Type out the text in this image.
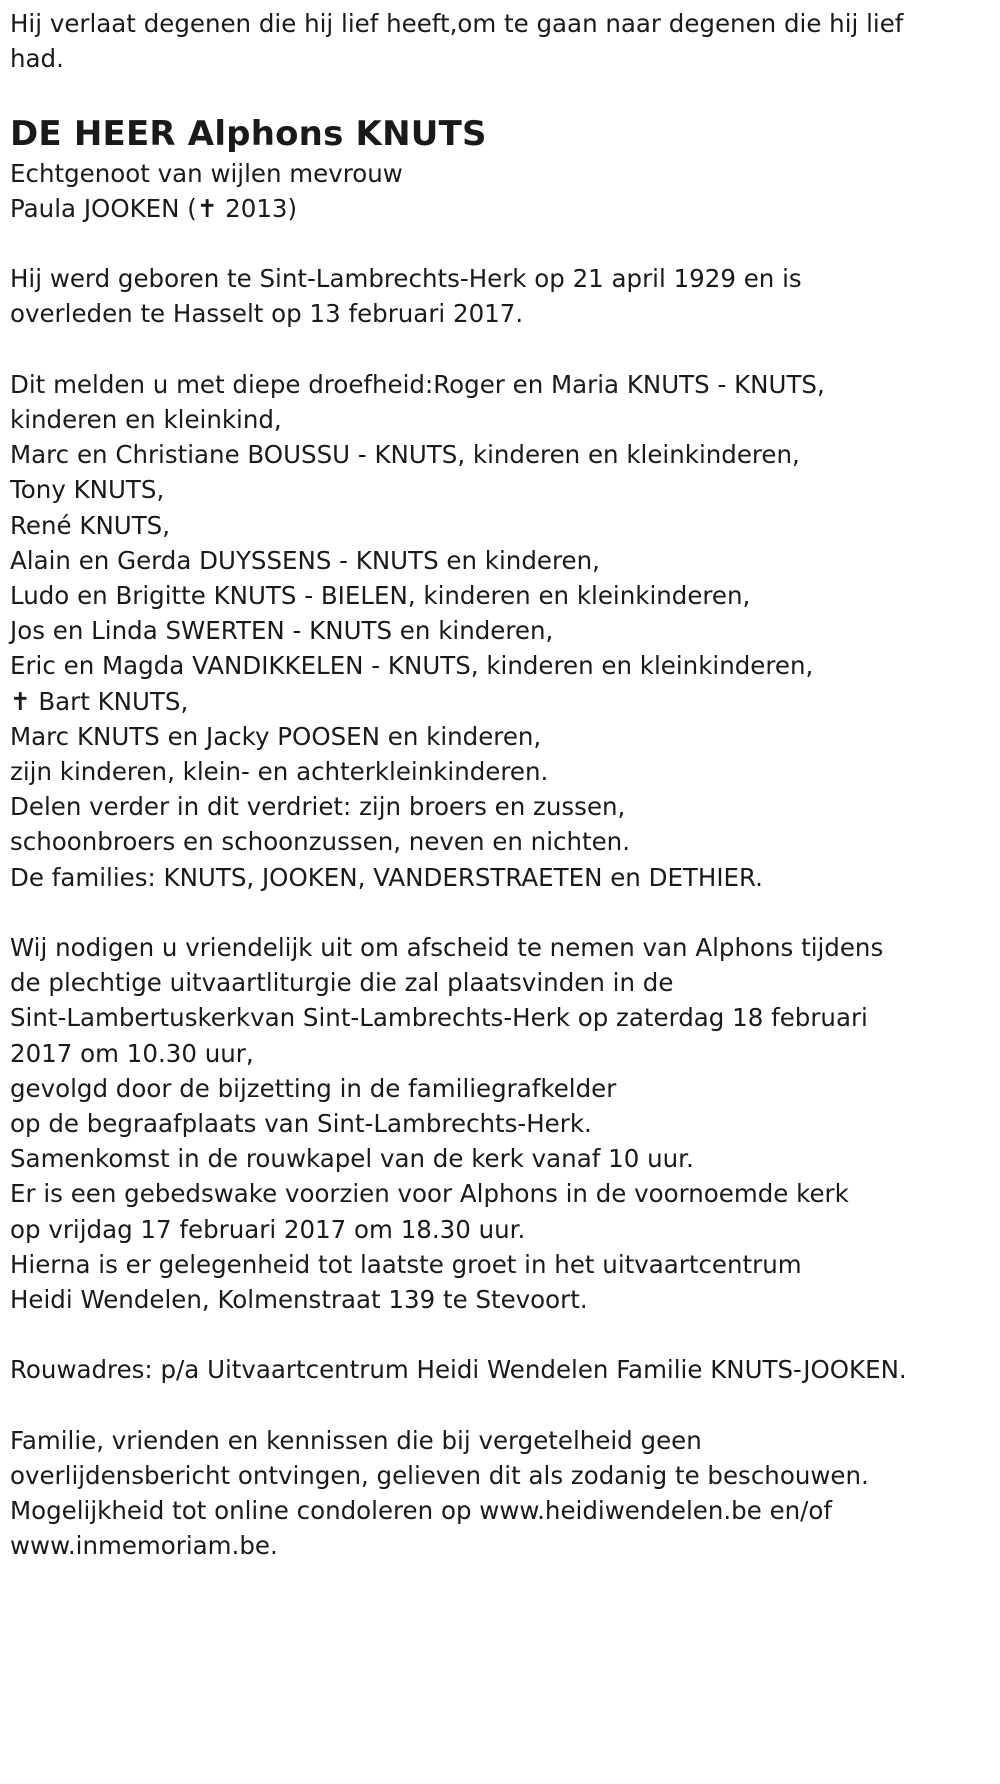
Hij verlaat degenen die hij lief heeft,om te gaan naar degenen die hij lief

had.

DE HEER Alphons KNUTS

Echtgenoot van wijlen mevrouw

Paula JOOKEN (✝ 2013)

Hij werd geboren te Sint-Lambrechts-Herk op 21 april 1929 en is

overleden te Hasselt op 13 februari 2017.

Dit melden u met diepe droefheid:Roger en Maria KNUTS - KNUTS,

kinderen en kleinkind,

Marc en Christiane BOUSSU - KNUTS, kinderen en kleinkinderen,

Tony KNUTS,

René KNUTS,

Alain en Gerda DUYSSENS - KNUTS en kinderen,

Ludo en Brigitte KNUTS - BIELEN, kinderen en kleinkinderen,

Jos en Linda SWERTEN - KNUTS en kinderen,

Eric en Magda VANDIKKELEN - KNUTS, kinderen en kleinkinderen,

✝ Bart KNUTS,

Marc KNUTS en Jacky POOSEN en kinderen,

zijn kinderen, klein- en achterkleinkinderen.

Delen verder in dit verdriet: zijn broers en zussen,

schoonbroers en schoonzussen, neven en nichten.

De families: KNUTS, JOOKEN, VANDERSTRAETEN en DETHIER.

Wij nodigen u vriendelijk uit om afscheid te nemen van Alphons tijdens

de plechtige uitvaartliturgie die zal plaatsvinden in de

Sint-Lambertuskerkvan Sint-Lambrechts-Herk op zaterdag 18 februari

2017 om 10.30 uur,

gevolgd door de bijzetting in de familiegrafkelder

op de begraafplaats van Sint-Lambrechts-Herk.

Samenkomst in de rouwkapel van de kerk vanaf 10 uur.

Er is een gebedswake voorzien voor Alphons in de voornoemde kerk

op vrijdag 17 februari 2017 om 18.30 uur.

Hierna is er gelegenheid tot laatste groet in het uitvaartcentrum

Heidi Wendelen, Kolmenstraat 139 te Stevoort.

Rouwadres: p/a Uitvaartcentrum Heidi Wendelen Familie KNUTS-JOOKEN.

Familie, vrienden en kennissen die bij vergetelheid geen

overlijdensbericht ontvingen, gelieven dit als zodanig te beschouwen.

Mogelijkheid tot online condoleren op www.heidiwendelen.be en/of

www.inmemoriam.be.
